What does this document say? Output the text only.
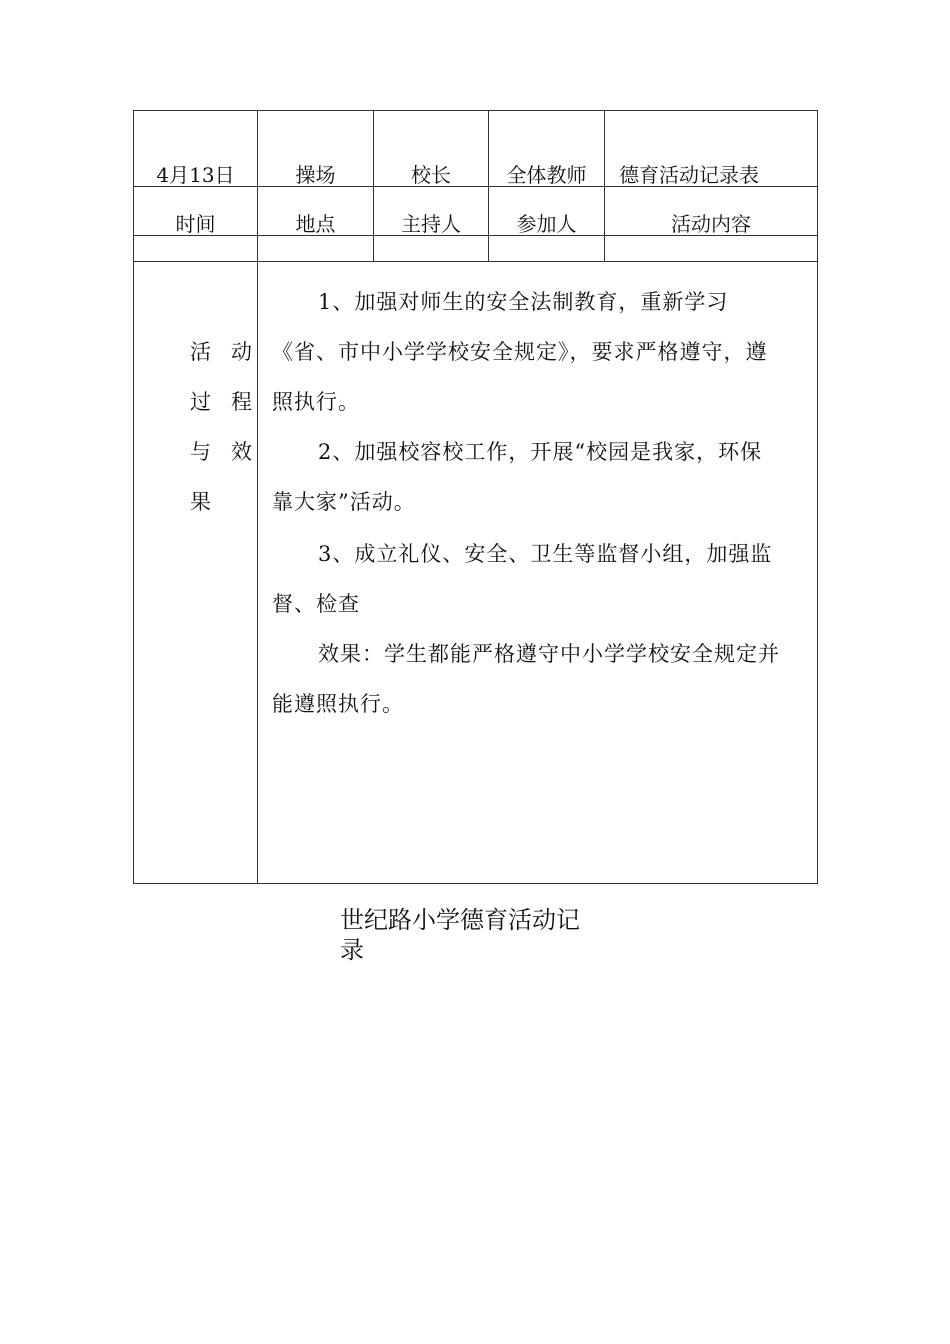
4月13日	操场	校长	全体教师	德育活动记录表
时间	地点	主持人	参加人	活动内容
活 动
过 程
与 效
果
1、加强对师生的安全法制教育，重新学习
《省、市中小学学校安全规定》，要求严格遵守，遵
照执行。
2、加强校容校工作，开展“校园是我家，环保
靠大家”活动。
3、成立礼仪、安全、卫生等监督小组，加强监
督、检查
效果：学生都能严格遵守中小学学校安全规定并
能遵照执行。
世纪路小学德育活动记录
